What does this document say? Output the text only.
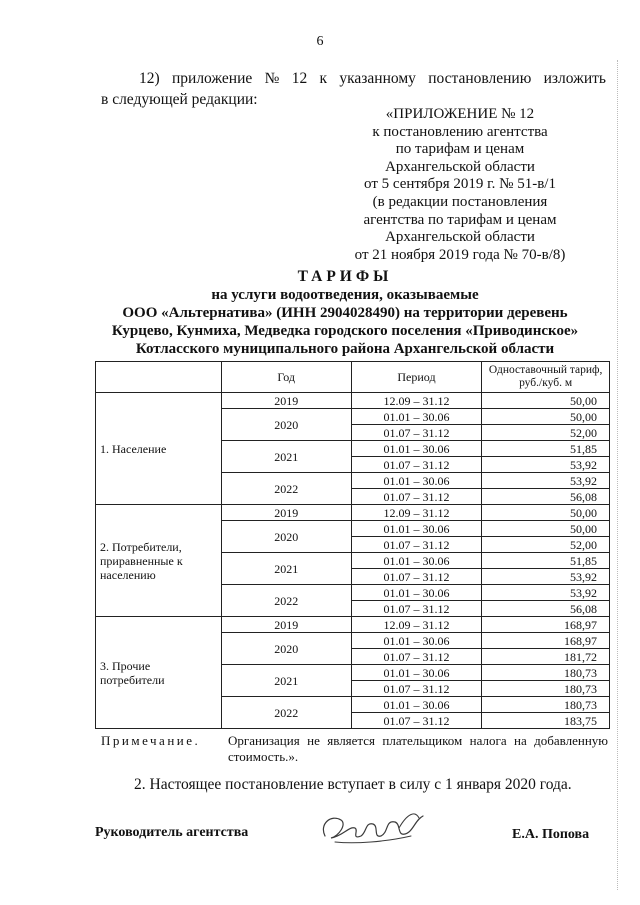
6
12) приложение № 12 к указанному постановлению изложить
в следующей редакции:
«ПРИЛОЖЕНИЕ № 12
к постановлению агентства
по тарифам и ценам
Архангельской области
от 5 сентября 2019 г. № 51-в/1
(в редакции постановления
агентства по тарифам и ценам
Архангельской области
от 21 ноября 2019 года № 70-в/8)
ТАРИФЫ
на услуги водоотведения, оказываемые
ООО «Альтернатива» (ИНН 2904028490) на территории деревень
Курцево, Кунмиха, Медведка городского поселения «Приводинское»
Котласского муниципального района Архангельской области
	Год	Период	Одноставочный тариф, руб./куб. м
1. Население	2019	12.09 – 31.12	50,00
	2020	01.01 – 30.06	50,00
		01.07 – 31.12	52,00
	2021	01.01 – 30.06	51,85
		01.07 – 31.12	53,92
	2022	01.01 – 30.06	53,92
		01.07 – 31.12	56,08
2. Потребители, приравненные к населению	2019	12.09 – 31.12	50,00
	2020	01.01 – 30.06	50,00
		01.07 – 31.12	52,00
	2021	01.01 – 30.06	51,85
		01.07 – 31.12	53,92
	2022	01.01 – 30.06	53,92
		01.07 – 31.12	56,08
3. Прочие потребители	2019	12.09 – 31.12	168,97
	2020	01.01 – 30.06	168,97
		01.07 – 31.12	181,72
	2021	01.01 – 30.06	180,73
		01.07 – 31.12	180,73
	2022	01.01 – 30.06	180,73
		01.07 – 31.12	183,75
Примечание. Организация не является плательщиком налога на добавленную
стоимость.».
2. Настоящее постановление вступает в силу с 1 января 2020 года.
Руководитель агентства	Е.А. Попова
